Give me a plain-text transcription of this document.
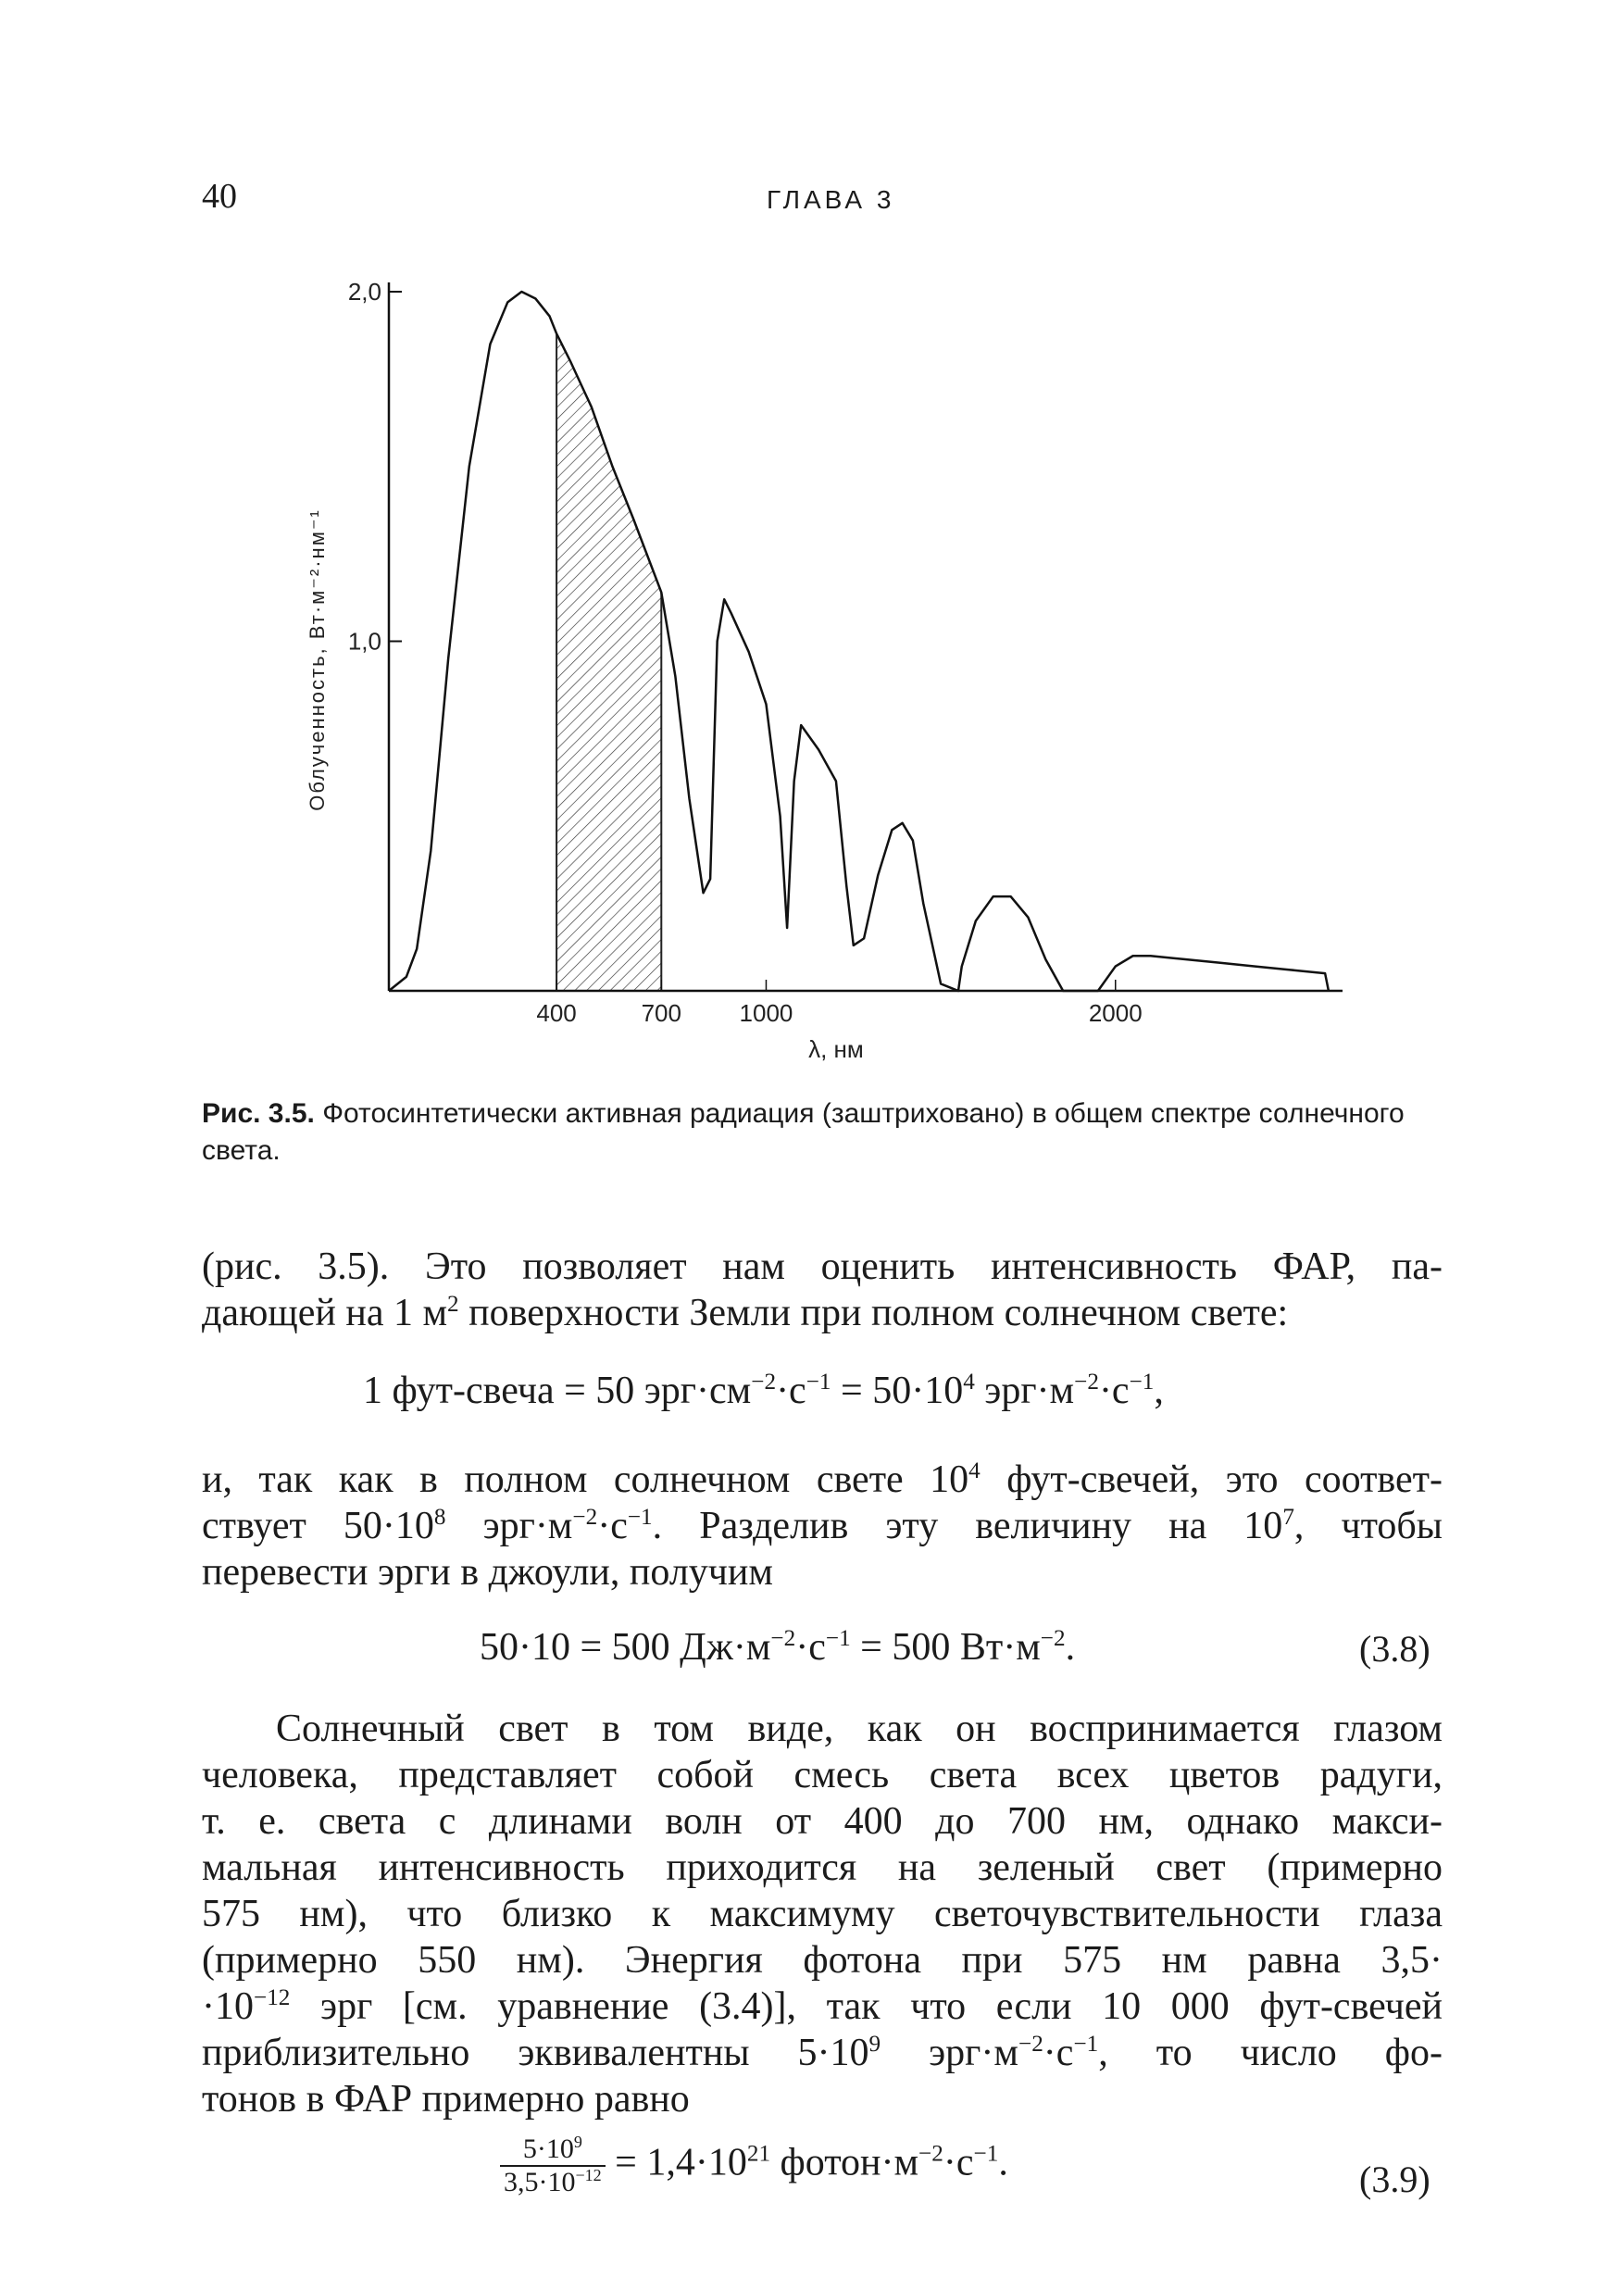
40	ГЛАВА 3
1,0
2,0
400	700 1000	2000
λ, нм
Облученность, Вт·м⁻²·нм⁻¹
Рис. 3.5. Фотосинтетически активная радиация (заштриховано) в общем спектре солнечного света.
(рис. 3.5). Это позволяет нам оценить интенсивность ФАР, па-
дающей на 1 $м^2$ поверхности Земли при полном солнечном свете:
1 фут-свеча = 50 $эрг\cdot см^{-2}\cdot с^{-1} = 50\cdot 10^4$ $эрг\cdot м^{-2}\cdot с^{-1}$,
и, так как в полном солнечном свете $10^4$ фут-свечей, это соответ-
ствует $50\cdot 10^8$ $эрг\cdot м^{-2}\cdot с^{-1}$. Разделив эту величину на $10^7$, чтобы
перевести эрги в джоули, получим
50·10 = 500 $Дж\cdot м^{-2}\cdot с^{-1} = 500$ $Вт\cdot м^{-2}$.	(3.8)
Солнечный свет в том виде, как он воспринимается глазом
человека, представляет собой смесь света всех цветов радуги,
т. е. света с длинами волн от 400 до 700 нм, однако макси-
мальная интенсивность приходится на зеленый свет (примерно
575 нм), что близко к максимуму светочувствительности глаза
(примерно 550 нм). Энергия фотона при 575 нм равна 3,5·
$\cdot 10^{-12}$ эрг [см. уравнение (3.4)], так что если 10 000 фут-свечей
приблизительно эквивалентны $5\cdot 10^9$ $эрг\cdot м^{-2}\cdot с^{-1}$, то число фо-
тонов в ФАР примерно равно
$\frac{5\cdot 10^9}{3,5\cdot 10^{-12}} = 1,4\cdot 10^{21}$ $фотон\cdot м^{-2}\cdot с^{-1}$.	(3.9)
